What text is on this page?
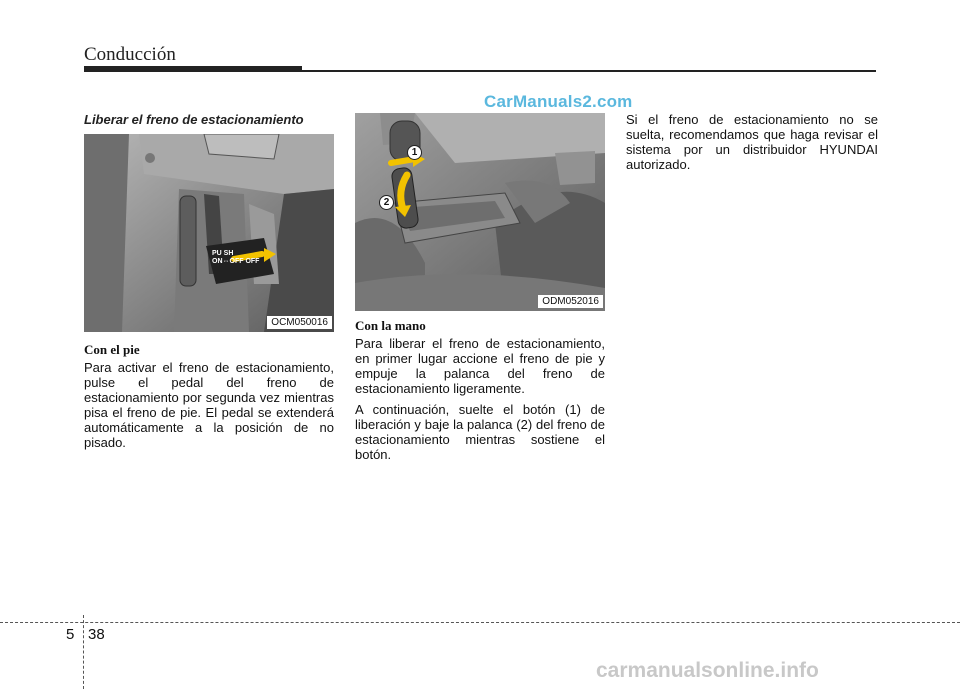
Conducción
CarManuals2.com
Liberar el freno de estacionamiento
PU SH
ON⇔OFF OFF
OCM050016
Con el pie

Para activar el freno de estacionamiento, pulse el pedal del freno de estacionamiento por segunda vez mientras pisa el freno de pie. El pedal se extenderá automáticamente a la posición de no pisado.

1
2
ODM052016
Con la mano

Para liberar el freno de estacionamiento, en primer lugar accione el freno de pie y empuje la palanca del freno de estacionamiento ligeramente.

A continuación, suelte el botón (1) de liberación y baje la palanca (2) del freno de estacionamiento mientras sostiene el botón.

Si el freno de estacionamiento no se suelta, recomendamos que haga revisar el sistema por un distribuidor HYUNDAI autorizado.

5 38
carmanualsonline.info
